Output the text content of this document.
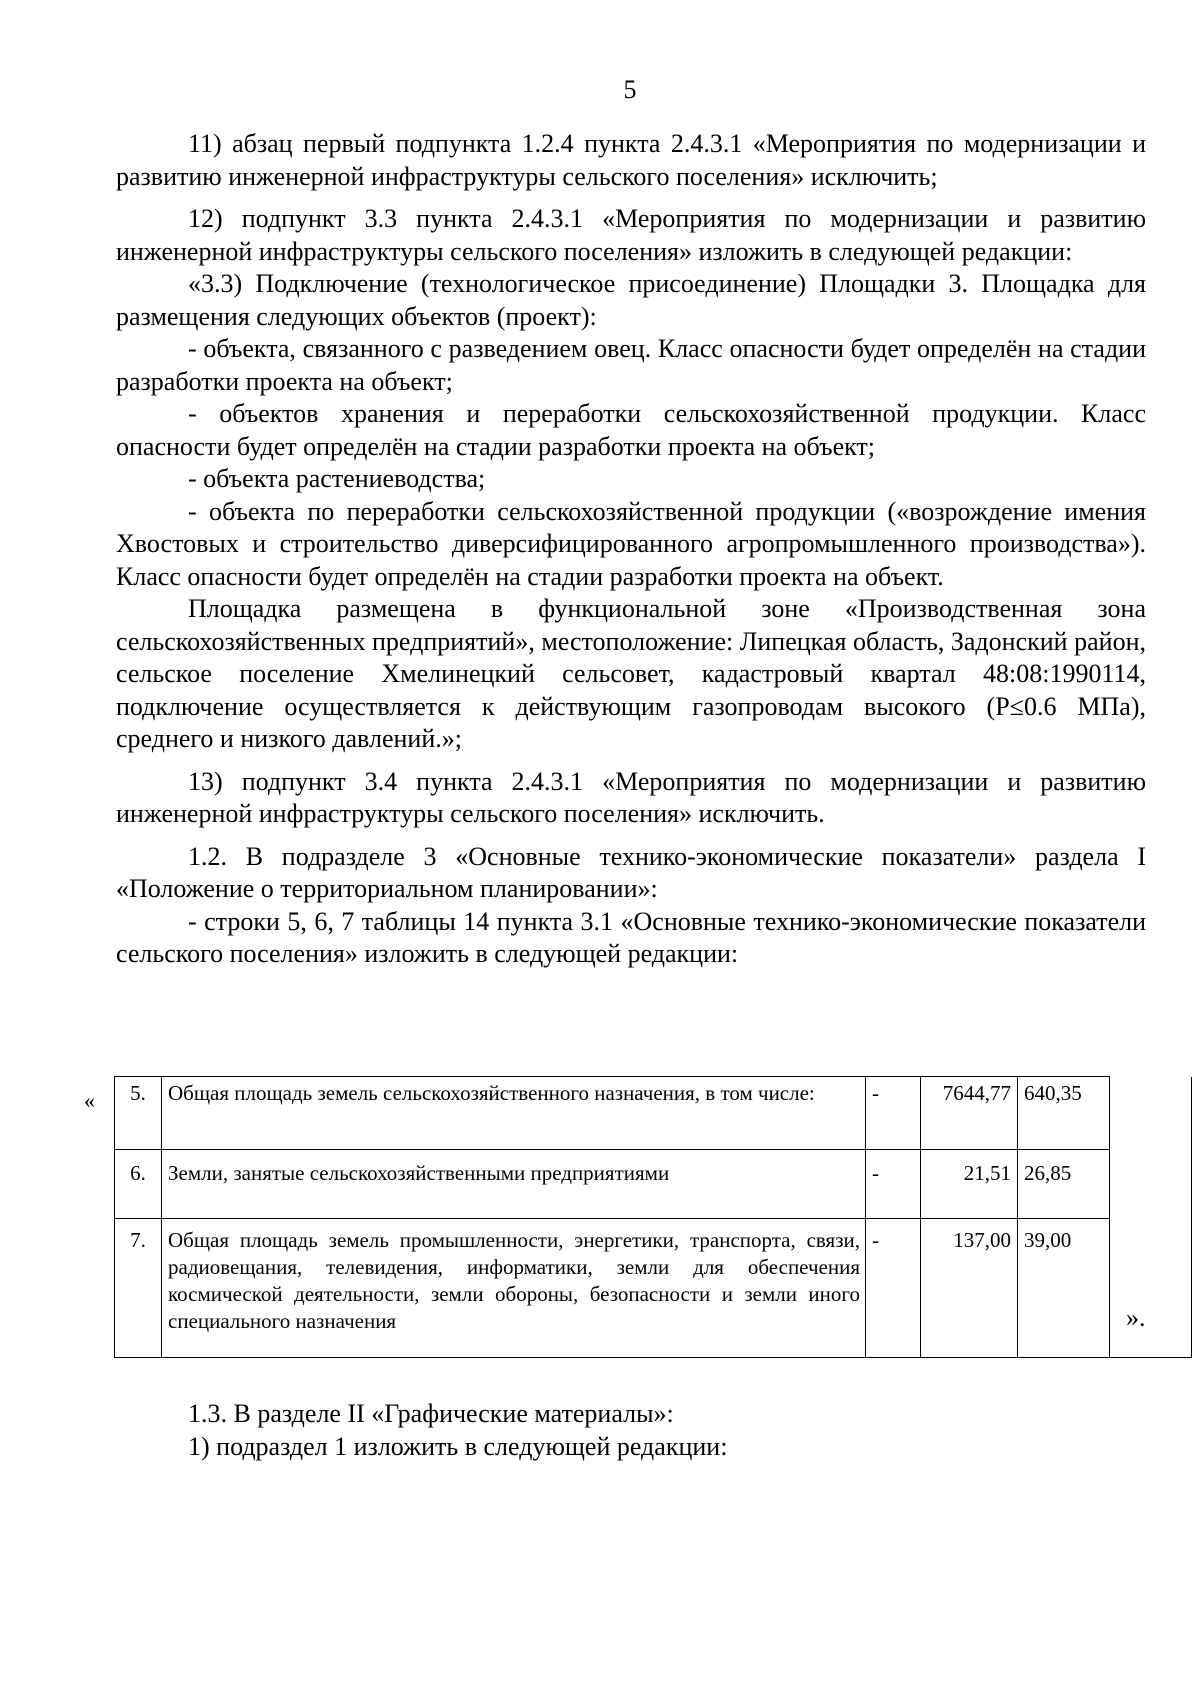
5

11) абзац первый подпункта 1.2.4 пункта 2.4.3.1 «Мероприятия по модернизации и развитию инженерной инфраструктуры сельского поселения» исключить;

12) подпункт 3.3 пункта 2.4.3.1 «Мероприятия по модернизации и развитию инженерной инфраструктуры сельского поселения» изложить в следующей редакции:

«3.3) Подключение (технологическое присоединение) Площадки 3. Площадка для размещения следующих объектов (проект):

- объекта, связанного с разведением овец. Класс опасности будет определён на стадии разработки проекта на объект;

- объектов хранения и переработки сельскохозяйственной продукции. Класс опасности будет определён на стадии разработки проекта на объект;

- объекта растениеводства;

- объекта по переработки сельскохозяйственной продукции («возрождение имения Хвостовых и строительство диверсифицированного агропромышленного производства»). Класс опасности будет определён на стадии разработки проекта на объект.

Площадка размещена в функциональной зоне «Производственная зона сельскохозяйственных предприятий», местоположение: Липецкая область, Задонский район, сельское поселение Хмелинецкий сельсовет, кадастровый квартал 48:08:1990114, подключение осуществляется к действующим газопроводам высокого (Р≤0.6 МПа), среднего и низкого давлений.»;

13) подпункт 3.4 пункта 2.4.3.1 «Мероприятия по модернизации и развитию инженерной инфраструктуры сельского поселения» исключить.

1.2. В подразделе 3 «Основные технико-экономические показатели» раздела I «Положение о территориальном планировании»:

- строки 5, 6, 7 таблицы 14 пункта 3.1 «Основные технико-экономические показатели сельского поселения» изложить в следующей редакции:

« 5.	Общая площадь земель сельскохозяйственного назначения, в том числе:	-	7644,77	640,35	
6.	Земли, занятые сельскохозяйственными предприятиями	-	21,51	26,85	
7.	Общая площадь земель промышленности, энергетики, транспорта, связи, радиовещания, телевидения, информатики, земли для обеспечения космической деятельности, земли обороны, безопасности и земли иного специального назначения	-	137,00	39,00	».

1.3. В разделе II «Графические материалы»:

1) подраздел 1 изложить в следующей редакции:
